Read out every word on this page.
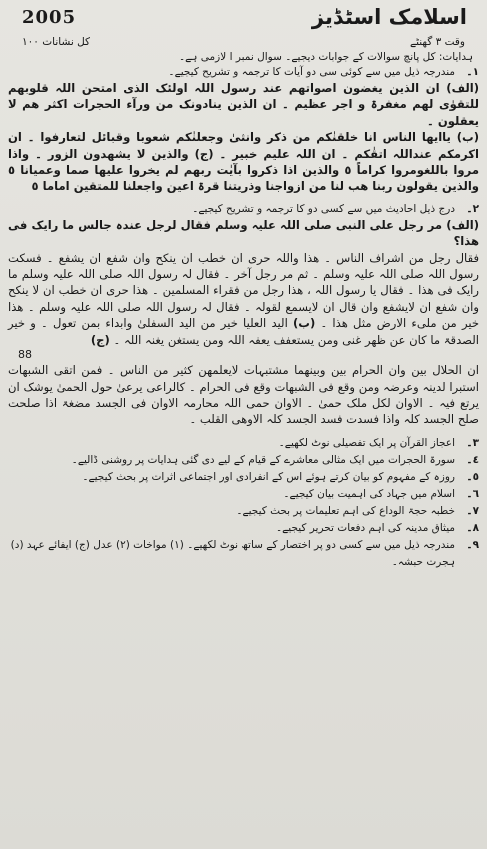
2005	اسلامک اسٹڈیز
کل نشانات ۱۰۰	وقت ۳ گھنٹے
ہدایات: کل پانچ سوالات کے جوابات دیجیے۔ سوال نمبر ا لازمی ہے۔
١۔
مندرجہ ذیل میں سے کوئی سی دو آیات کا ترجمہ و تشریح کیجیے۔
(الف) ان الذین یغضون اصواتھم عند رسول اللہ اولئک الذی امتحن اللہ قلوبھم للتقوٰی لھم مغفرۃ و اجر عظیم ۔ ان الذین ینادونک من ورآء الحجرات اکثر ھم لا یعقلون ۔
(ب) یاایھا الناس انا خلقنٰکم من ذکر وانثیٰ وجعلنٰکم شعوبا وقبائل لتعارفوا ۔ ان اکرمکم عنداللہ اتقٰکم ۔ ان اللہ علیم خبیر ۔ (ج) والذین لا یشھدون الزور ۔ واذا مروا باللغومروا کراماً ٥ والذین اذا ذکروا بآیٰت ربھم لم یخروا علیھا صما وعمیانا ٥ والذین یقولون ربنا ھب لنا من ازواجنا وذریتنا قرۃ اعین واجعلنا للمتقین اماما ٥
٢۔
درج ذیل احادیث میں سے کسی دو کا ترجمہ و تشریح کیجیے۔
(الف) مر رجل علی النبی صلی اللہ علیہ وسلم فقال لرجل عندہ جالس ما رایک فی ھذا؟
فقال رجل من اشراف الناس ۔ ھذا واللہ حری ان خطب ان ینکح وان شفع ان یشفع ۔ فسکت رسول اللہ صلی اللہ علیہ وسلم ۔ ثم مر رجل آخر ۔ فقال لہ رسول اللہ صلی اللہ علیہ وسلم ما رایک فی ھذا ۔ فقال یا رسول اللہ ، ھذا رجل من فقراء المسلمین ۔ ھذا حری ان خطب ان لا ینکح وان شفع ان لایشفع وان قال ان لایسمع لقولہ ۔ فقال لہ رسول اللہ صلی اللہ علیہ وسلم ۔ ھذا خیر من ملیء الارض مثل ھذا ۔ (ب) الید العلیا خیر من الید السفلیٰ وابداء بمن تعول ۔ و خیر الصدقۃ ما کان عن ظھر غنی ومن یستعفف یعفہ اللہ ومن یستغن یغنہ اللہ ۔ (ج)
88
ان الحلال بین وان الحرام بین وبینھما مشتبہات لایعلمھن کثیر من الناس ۔ فمن اتقی الشبھات استبرا لدینہ وعرضہ ومن وقع فی الشبھات وقع فی الحرام ۔ کالراعی یرعیٰ حول الحمیٰ یوشک ان یرتع فیہ ۔ الاوان لکل ملک حمیٰ ۔ الاوان حمی اللہ محارمہ الاوان فی الجسد مضغۃ اذا صلحت صلح الجسد کلہ واذا فسدت فسد الجسد کلہ الاوھی القلب ۔
٣۔
اعجاز القرآن پر ایک تفصیلی نوٹ لکھیے۔
٤۔
سورۃ الحجرات میں ایک مثالی معاشرے کے قیام کے لیے دی گئی ہدایات پر روشنی ڈالیے۔
٥۔
روزہ کے مفہوم کو بیان کرتے ہوئے اس کے انفرادی اور اجتماعی اثرات پر بحث کیجیے۔
٦۔
اسلام میں جہاد کی اہمیت بیان کیجیے۔
٧۔
خطبہ حجۃ الوداع کی اہم تعلیمات پر بحث کیجیے۔
٨۔
میثاق مدینہ کی اہم دفعات تحریر کیجیے۔
٩۔
مندرجہ ذیل میں سے کسی دو پر اختصار کے ساتھ نوٹ لکھیے۔ (١) مواخات (٢) عدل (ج) ایفائے عہد (د) ہجرت حبشہ۔
